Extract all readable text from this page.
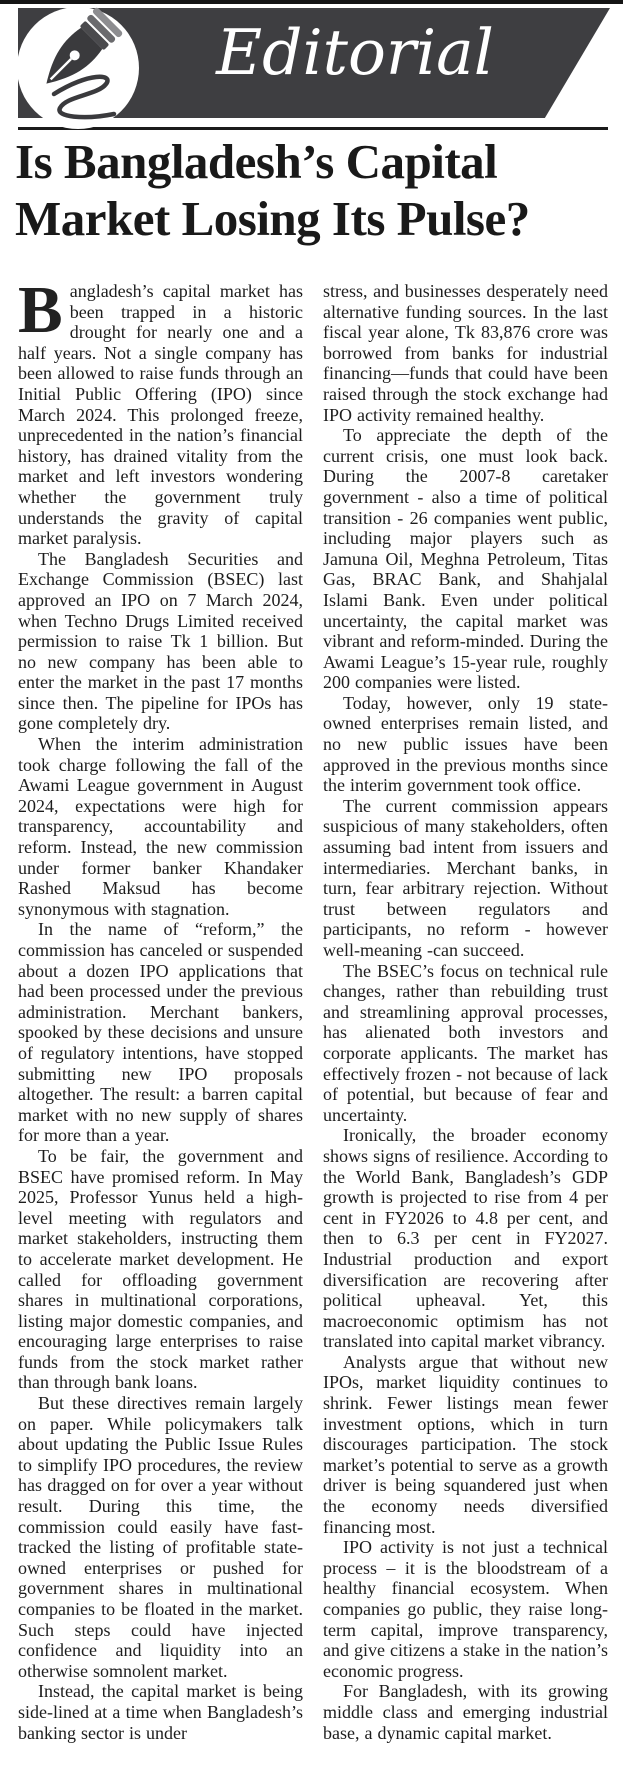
Editorial
Is Bangladesh’s Capital Market Losing Its Pulse?

Bangladesh’s capital market has been trapped in a historic drought for nearly one and a half years. Not a single company has been allowed to raise funds through an Initial Public Offering (IPO) since March 2024. This prolonged freeze, unprecedented in the nation’s financial history, has drained vitality from the market and left investors wondering whether the government truly understands the gravity of capital market paralysis.

The Bangladesh Securities and Exchange Commission (BSEC) last approved an IPO on 7 March 2024, when Techno Drugs Limited received permission to raise Tk 1 billion. But no new company has been able to enter the market in the past 17 months since then. The pipeline for IPOs has gone completely dry.

When the interim administration took charge following the fall of the Awami League government in August 2024, expectations were high for transparency, accountability and reform. Instead, the new commission under former banker Khandaker Rashed Maksud has become synonymous with stagnation.

In the name of “reform,” the commission has canceled or suspended about a dozen IPO applications that had been processed under the previous administration. Merchant bankers, spooked by these decisions and unsure of regulatory intentions, have stopped submitting new IPO proposals altogether. The result: a barren capital market with no new supply of shares for more than a year.

To be fair, the government and BSEC have promised reform. In May 2025, Professor Yunus held a high-level meeting with regulators and market stakeholders, instructing them to accelerate market development. He called for offloading government shares in multinational corporations, listing major domestic companies, and encouraging large enterprises to raise funds from the stock market rather than through bank loans.

But these directives remain largely on paper. While policymakers talk about updating the Public Issue Rules to simplify IPO procedures, the review has dragged on for over a year without result. During this time, the commission could easily have fast-tracked the listing of profitable state-owned enterprises or pushed for government shares in multinational companies to be floated in the market. Such steps could have injected confidence and liquidity into an otherwise somnolent market.

Instead, the capital market is being side-lined at a time when Bangladesh’s banking sector is under

stress, and businesses desperately need alternative funding sources. In the last fiscal year alone, Tk 83,876 crore was borrowed from banks for industrial financing—funds that could have been raised through the stock exchange had IPO activity remained healthy.

To appreciate the depth of the current crisis, one must look back. During the 2007-8 caretaker government - also a time of political transition - 26 companies went public, including major players such as Jamuna Oil, Meghna Petroleum, Titas Gas, BRAC Bank, and Shahjalal Islami Bank. Even under political uncertainty, the capital market was vibrant and reform-minded. During the Awami League’s 15-year rule, roughly 200 companies were listed.

Today, however, only 19 state-owned enterprises remain listed, and no new public issues have been approved in the previous months since the interim government took office.

The current commission appears suspicious of many stakeholders, often assuming bad intent from issuers and intermediaries. Merchant banks, in turn, fear arbitrary rejection. Without trust between regulators and participants, no reform - however well-meaning -can succeed.

The BSEC’s focus on technical rule changes, rather than rebuilding trust and streamlining approval processes, has alienated both investors and corporate applicants. The market has effectively frozen - not because of lack of potential, but because of fear and uncertainty.

Ironically, the broader economy shows signs of resilience. According to the World Bank, Bangladesh’s GDP growth is projected to rise from 4 per cent in FY2026 to 4.8 per cent, and then to 6.3 per cent in FY2027. Industrial production and export diversification are recovering after political upheaval. Yet, this macroeconomic optimism has not translated into capital market vibrancy.

Analysts argue that without new IPOs, market liquidity continues to shrink. Fewer listings mean fewer investment options, which in turn discourages participation. The stock market’s potential to serve as a growth driver is being squandered just when the economy needs diversified financing most.

IPO activity is not just a technical process – it is the bloodstream of a healthy financial ecosystem. When companies go public, they raise long-term capital, improve transparency, and give citizens a stake in the nation’s economic progress.

For Bangladesh, with its growing middle class and emerging industrial base, a dynamic capital market.
